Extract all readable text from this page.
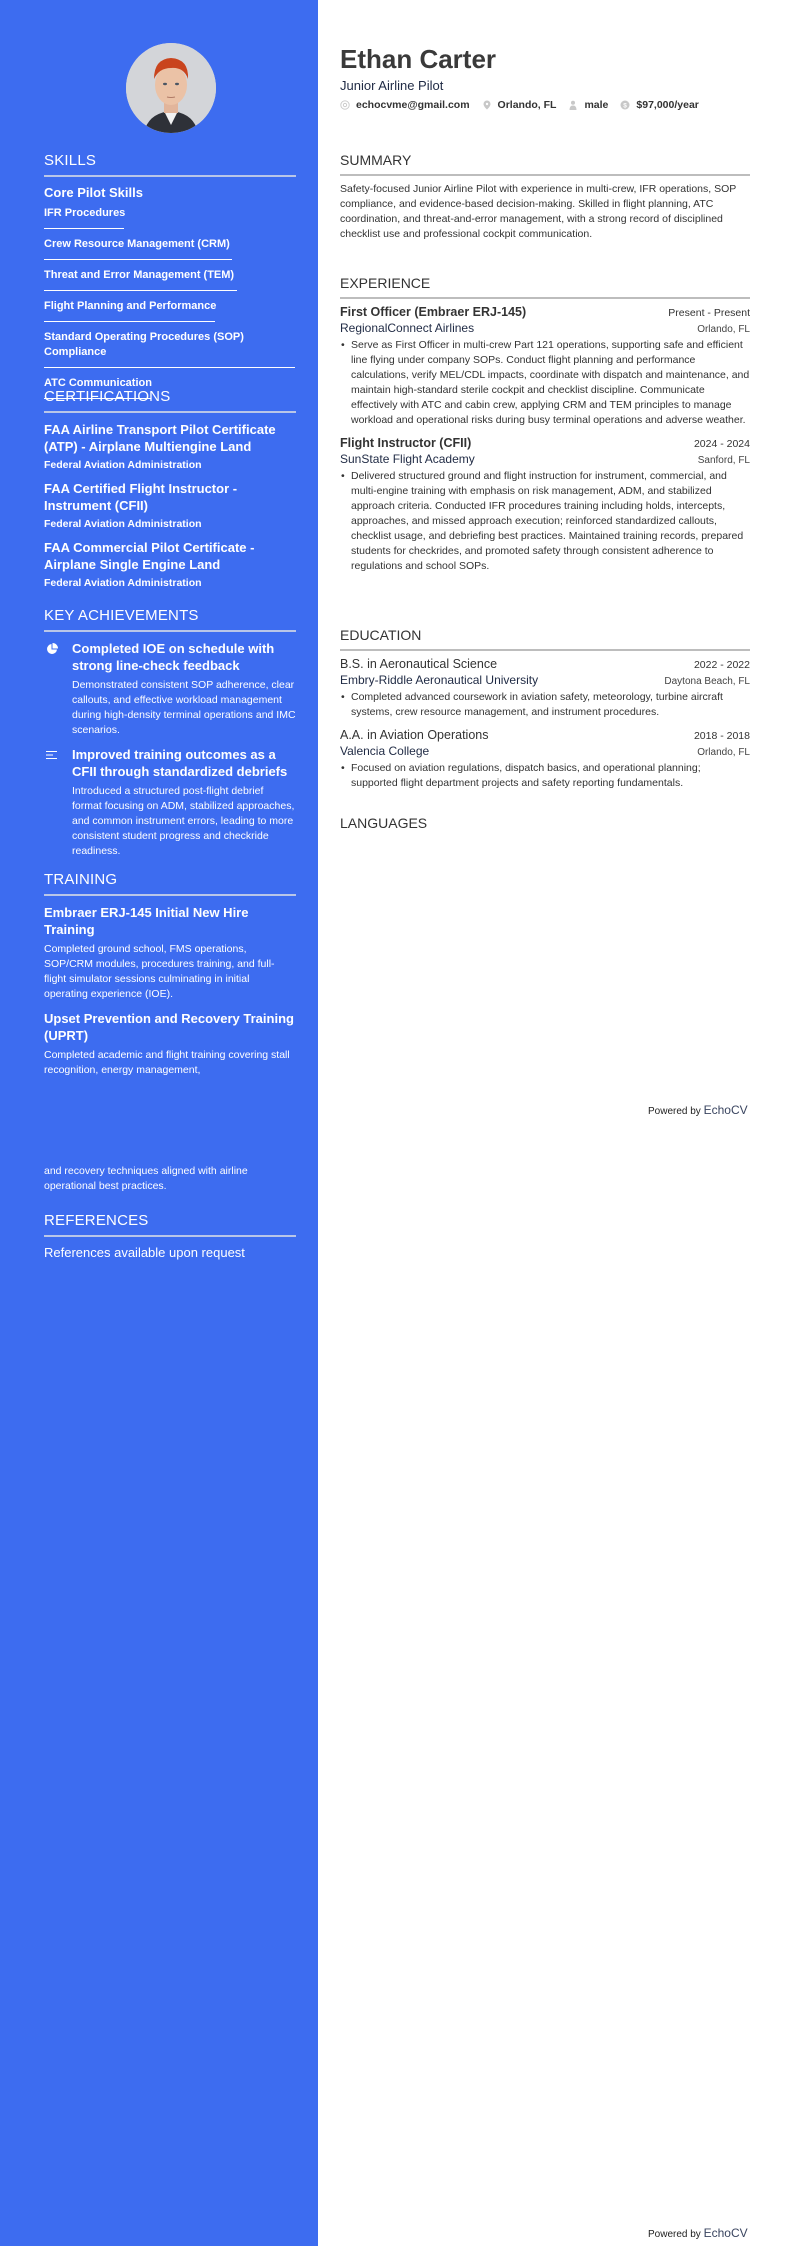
SKILLS
Core Pilot Skills
IFR Procedures
Crew Resource Management (CRM)
Threat and Error Management (TEM)
Flight Planning and Performance
Standard Operating Procedures (SOP) Compliance
ATC Communication
CERTIFICATIONS
FAA Airline Transport Pilot Certificate (ATP) - Airplane Multiengine Land
Federal Aviation Administration
FAA Certified Flight Instructor - Instrument (CFII)
Federal Aviation Administration
FAA Commercial Pilot Certificate - Airplane Single Engine Land
Federal Aviation Administration
KEY ACHIEVEMENTS
Completed IOE on schedule with strong line-check feedback
Demonstrated consistent SOP adherence, clear callouts, and effective workload management during high-density terminal operations and IMC scenarios.
Improved training outcomes as a CFII through standardized debriefs
Introduced a structured post-flight debrief format focusing on ADM, stabilized approaches, and common instrument errors, leading to more consistent student progress and checkride readiness.
TRAINING
Embraer ERJ-145 Initial New Hire Training
Completed ground school, FMS operations, SOP/CRM modules, procedures training, and full-flight simulator sessions culminating in initial operating experience (IOE).
Upset Prevention and Recovery Training (UPRT)
Completed academic and flight training covering stall recognition, energy management,
and recovery techniques aligned with airline operational best practices.
REFERENCES
References available upon request
Ethan Carter
Junior Airline Pilot
echocvme@gmail.com	Orlando, FL	male $ $97,000/year
SUMMARY
Safety-focused Junior Airline Pilot with experience in multi-crew, IFR operations, SOP compliance, and evidence-based decision-making. Skilled in flight planning, ATC coordination, and threat-and-error management, with a strong record of disciplined checklist use and professional cockpit communication.
EXPERIENCE
First Officer (Embraer ERJ-145)	Present - Present
RegionalConnect Airlines	Orlando, FL
• Serve as First Officer in multi-crew Part 121 operations, supporting safe and efficient line flying under company SOPs. Conduct flight planning and performance calculations, verify MEL/CDL impacts, coordinate with dispatch and maintenance, and maintain high-standard sterile cockpit and checklist discipline. Communicate effectively with ATC and cabin crew, applying CRM and TEM principles to manage workload and operational risks during busy terminal operations and adverse weather.
Flight Instructor (CFII)	2024 - 2024
SunState Flight Academy	Sanford, FL
• Delivered structured ground and flight instruction for instrument, commercial, and multi-engine training with emphasis on risk management, ADM, and stabilized approach criteria. Conducted IFR procedures training including holds, intercepts, approaches, and missed approach execution; reinforced standardized callouts, checklist usage, and debriefing best practices. Maintained training records, prepared students for checkrides, and promoted safety through consistent adherence to regulations and school SOPs.
EDUCATION
B.S. in Aeronautical Science	2022 - 2022
Embry-Riddle Aeronautical University	Daytona Beach, FL
• Completed advanced coursework in aviation safety, meteorology, turbine aircraft systems, crew resource management, and instrument procedures.
A.A. in Aviation Operations	2018 - 2018
Valencia College	Orlando, FL
• Focused on aviation regulations, dispatch basics, and operational planning; supported flight department projects and safety reporting fundamentals.
LANGUAGES
Powered by EchoCV
Powered by EchoCV
